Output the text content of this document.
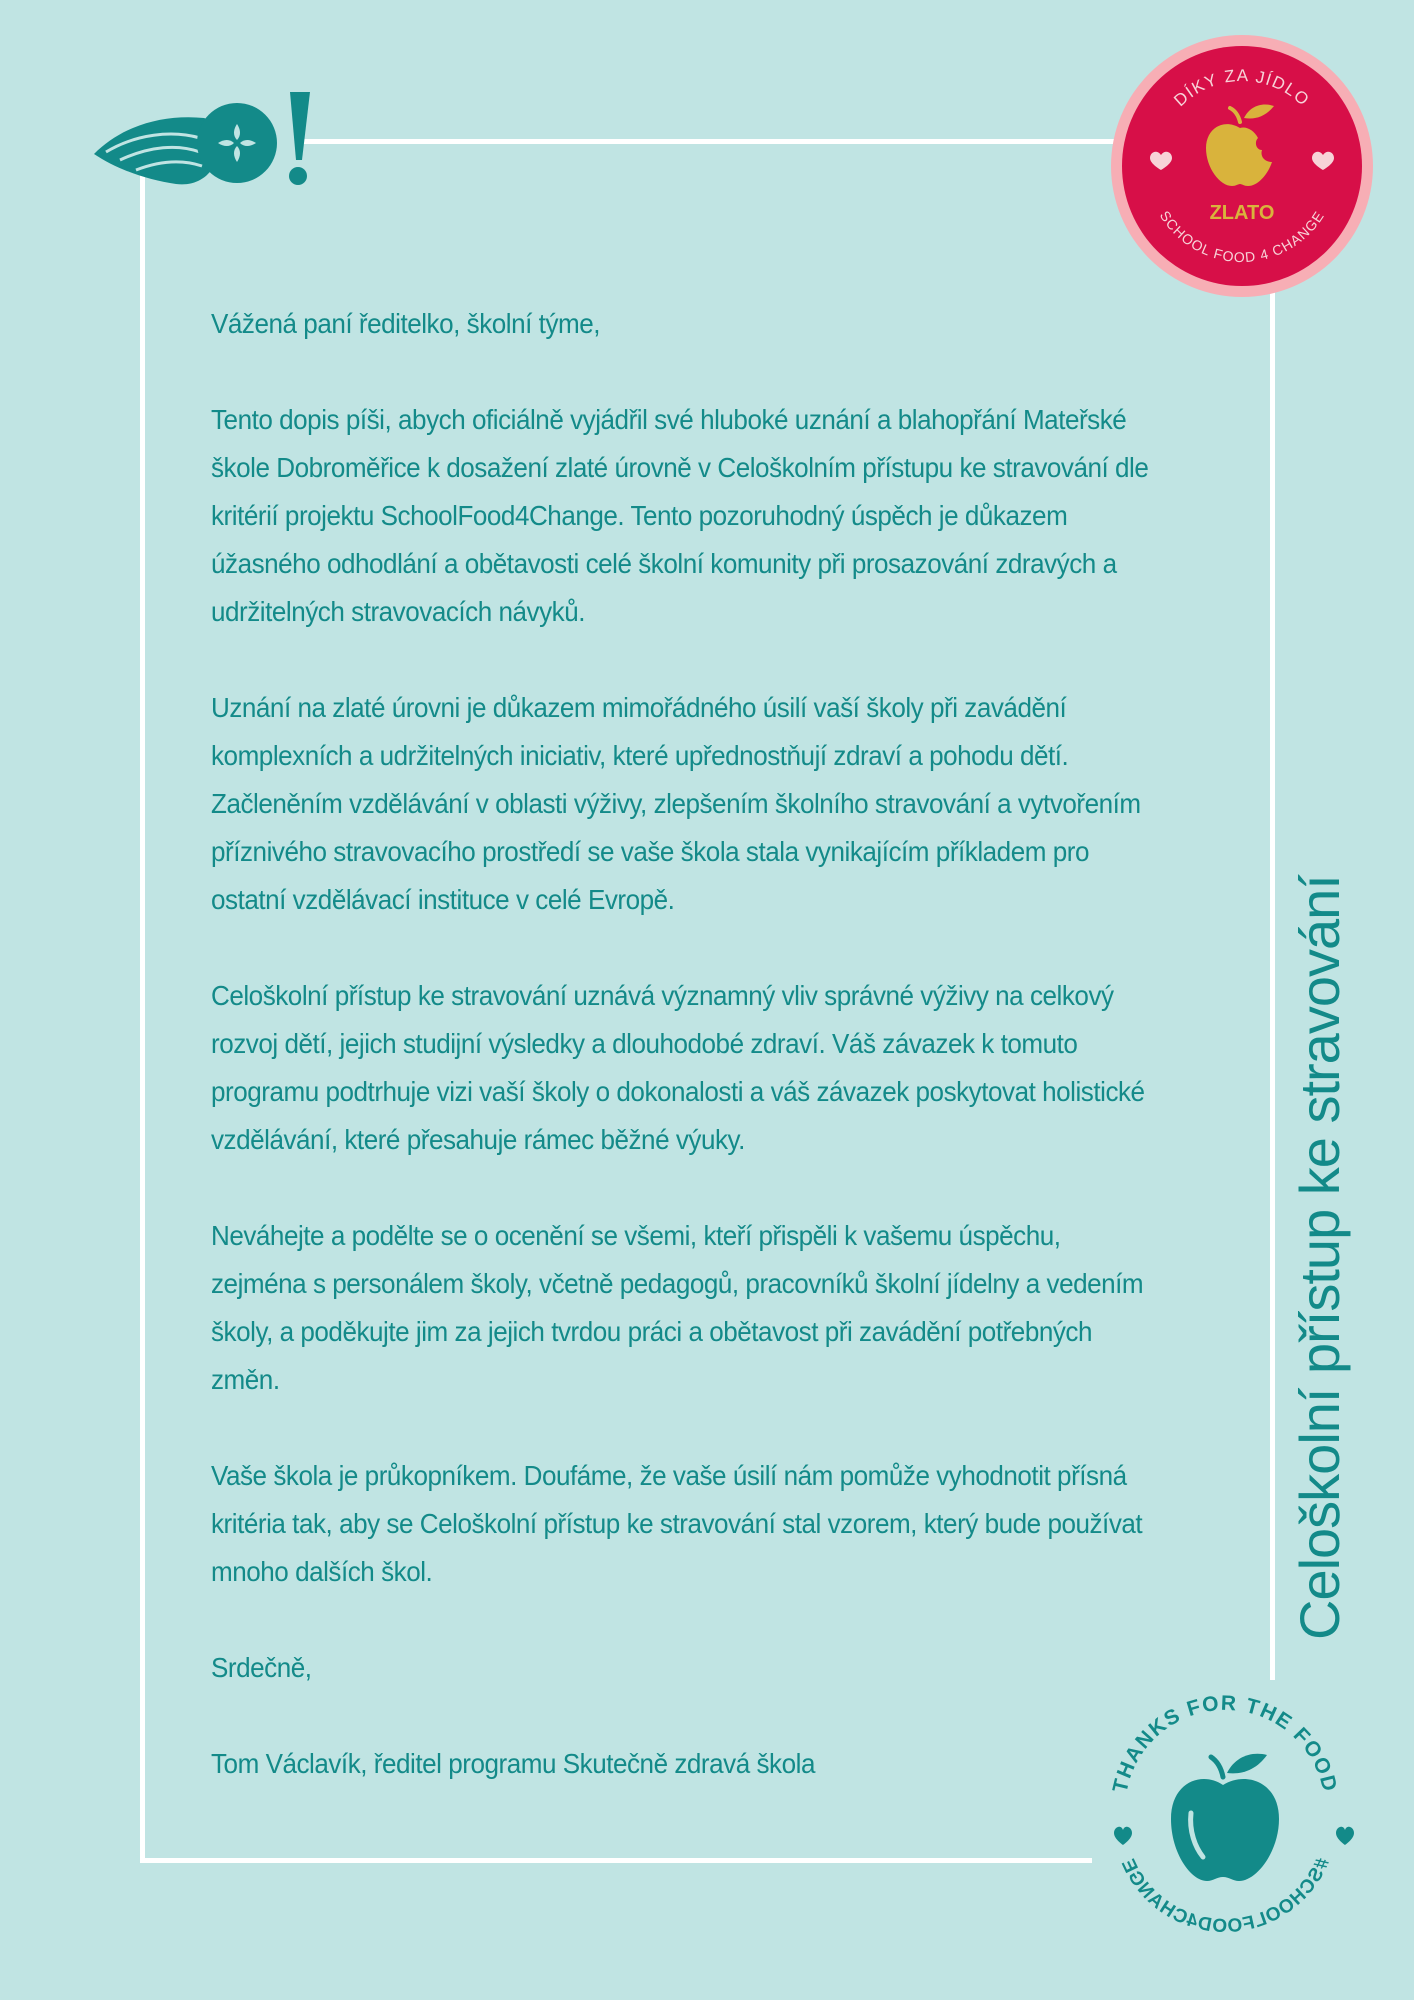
Vážená paní ředitelko, školní týme,

Tento dopis píši, abych oficiálně vyjádřil své hluboké uznání a blahopřání Mateřské škole Dobroměřice k dosažení zlaté úrovně v Celoškolním přístupu ke stravování dle kritérií projektu SchoolFood4Change. Tento pozoruhodný úspěch je důkazem úžasného odhodlání a obětavosti celé školní komunity při prosazování zdravých a udržitelných stravovacích návyků.

Uznání na zlaté úrovni je důkazem mimořádného úsilí vaší školy při zavádění komplexních a udržitelných iniciativ, které upřednostňují zdraví a pohodu dětí. Začleněním vzdělávání v oblasti výživy, zlepšením školního stravování a vytvořením příznivého stravovacího prostředí se vaše škola stala vynikajícím příkladem pro ostatní vzdělávací instituce v celé Evropě.

Celoškolní přístup ke stravování uznává významný vliv správné výživy na celkový rozvoj dětí, jejich studijní výsledky a dlouhodobé zdraví. Váš závazek k tomuto programu podtrhuje vizi vaší školy o dokonalosti a váš závazek poskytovat holistické vzdělávání, které přesahuje rámec běžné výuky.

Neváhejte a podělte se o ocenění se všemi, kteří přispěli k vašemu úspěchu, zejména s personálem školy, včetně pedagogů, pracovníků školní jídelny a vedením školy, a poděkujte jim za jejich tvrdou práci a obětavost při zavádění potřebných změn.

Vaše škola je průkopníkem. Doufáme, že vaše úsilí nám pomůže vyhodnotit přísná kritéria tak, aby se Celoškolní přístup ke stravování stal vzorem, který bude používat mnoho dalších škol.

Srdečně,

Tom Václavík, ředitel programu Skutečně zdravá škola

Celoškolní přístup ke stravování
DÍKY ZA JÍDLO
SCHOOL FOOD 4 CHANGE
ZLATO
THANKS FOR THE FOOD
#SCHOOLFOOD4CHANGE
